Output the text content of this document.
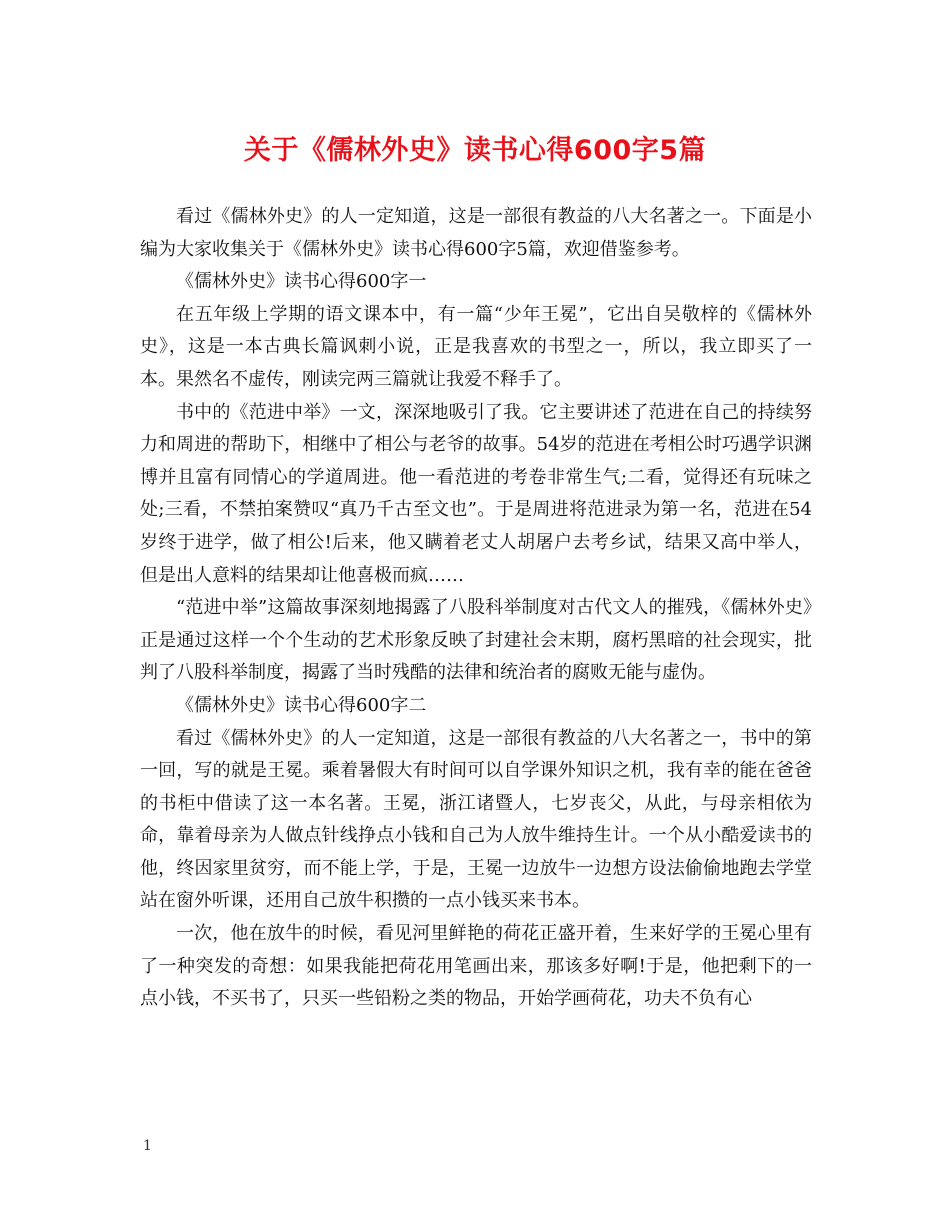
关于《儒林外史》读书心得600字5篇

看过《儒林外史》的人一定知道，这是一部很有教益的八大名著之一。下面是小编为大家收集关于《儒林外史》读书心得600字5篇，欢迎借鉴参考。

《儒林外史》读书心得600字一

在五年级上学期的语文课本中，有一篇“少年王冕”，它出自吴敬梓的《儒林外史》，这是一本古典长篇讽刺小说，正是我喜欢的书型之一，所以，我立即买了一本。果然名不虚传，刚读完两三篇就让我爱不释手了。

书中的《范进中举》一文，深深地吸引了我。它主要讲述了范进在自己的持续努力和周进的帮助下，相继中了相公与老爷的故事。54岁的范进在考相公时巧遇学识渊博并且富有同情心的学道周进。他一看范进的考卷非常生气;二看，觉得还有玩味之处;三看，不禁拍案赞叹“真乃千古至文也”。于是周进将范进录为第一名，范进在54岁终于进学，做了相公!后来，他又瞒着老丈人胡屠户去考乡试，结果又高中举人，但是出人意料的结果却让他喜极而疯……

“范进中举”这篇故事深刻地揭露了八股科举制度对古代文人的摧残，《儒林外史》正是通过这样一个个生动的艺术形象反映了封建社会末期，腐朽黑暗的社会现实，批判了八股科举制度，揭露了当时残酷的法律和统治者的腐败无能与虚伪。

《儒林外史》读书心得600字二

看过《儒林外史》的人一定知道，这是一部很有教益的八大名著之一，书中的第一回，写的就是王冕。乘着暑假大有时间可以自学课外知识之机，我有幸的能在爸爸的书柜中借读了这一本名著。王冕，浙江诸暨人，七岁丧父，从此，与母亲相依为命，靠着母亲为人做点针线挣点小钱和自己为人放牛维持生计。一个从小酷爱读书的他，终因家里贫穷，而不能上学，于是，王冕一边放牛一边想方设法偷偷地跑去学堂站在窗外听课，还用自己放牛积攒的一点小钱买来书本。

一次，他在放牛的时候，看见河里鲜艳的荷花正盛开着，生来好学的王冕心里有了一种突发的奇想：如果我能把荷花用笔画出来，那该多好啊!于是，他把剩下的一点小钱，不买书了，只买一些铅粉之类的物品，开始学画荷花，功夫不负有心

1
